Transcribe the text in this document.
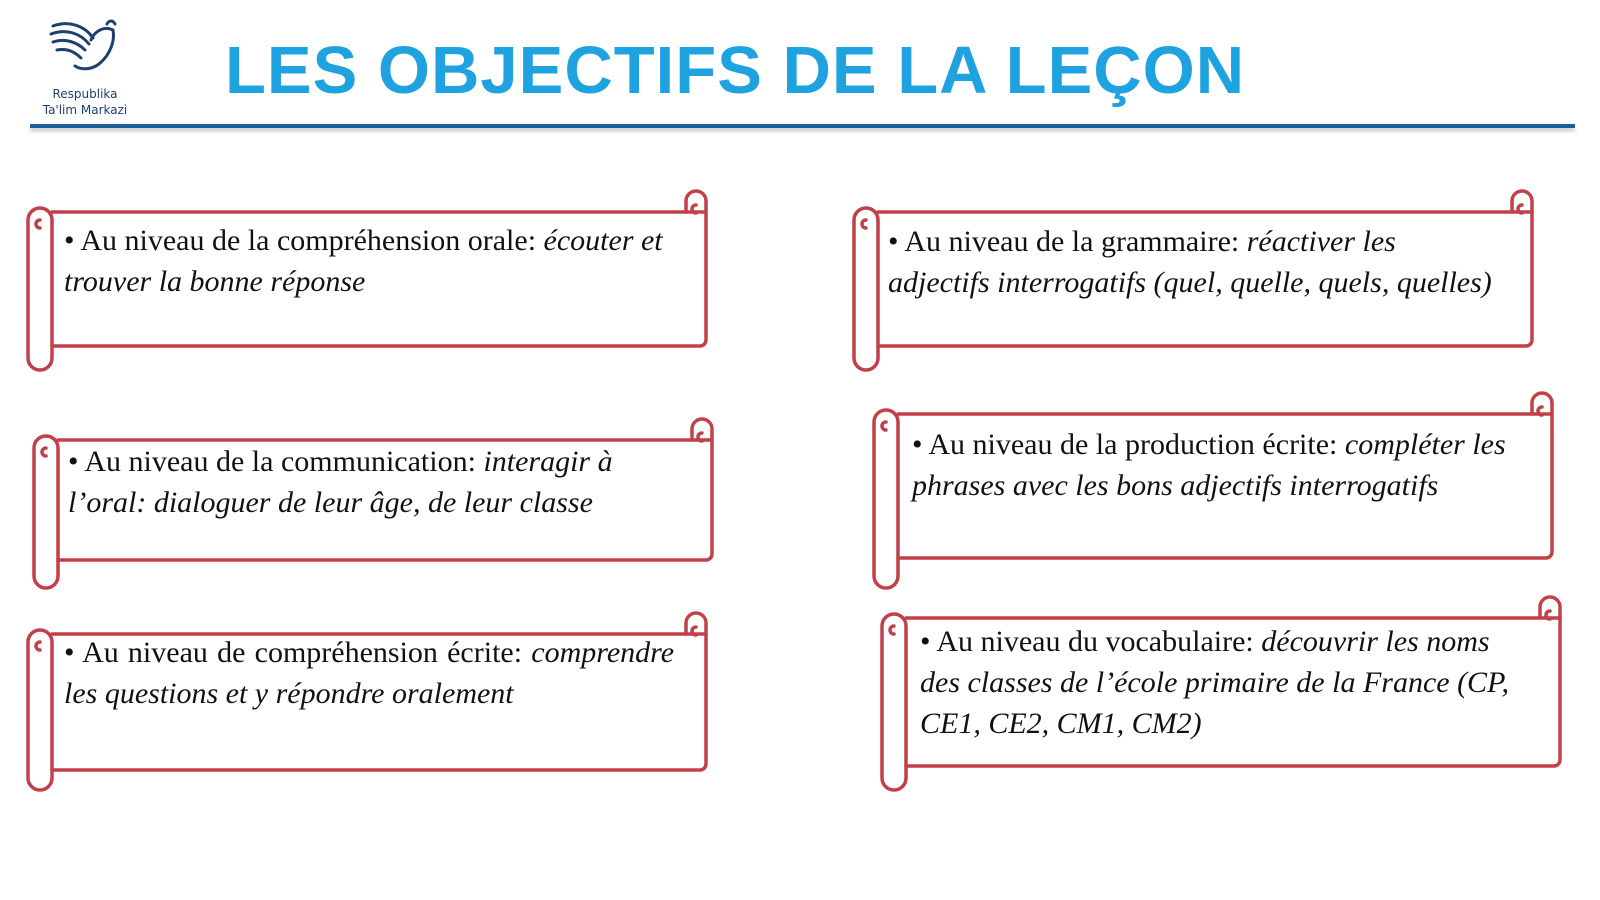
Respublika
Ta'lim Markazi
LES OBJECTIFS DE LA LEÇON

• Au niveau de la compréhension orale: écouter et trouver la bonne réponse

• Au niveau de la grammaire: réactiver les adjectifs interrogatifs (quel, quelle, quels, quelles)

• Au niveau de la communication: interagir à l’oral: dialoguer de leur âge, de leur classe

• Au niveau de la production écrite: compléter les phrases avec les bons adjectifs interrogatifs

• Au niveau de compréhension écrite: comprendre les questions et y répondre oralement

• Au niveau du vocabulaire: découvrir les noms des classes de l’école primaire de la France (CP, CE1, CE2, CM1, CM2)
